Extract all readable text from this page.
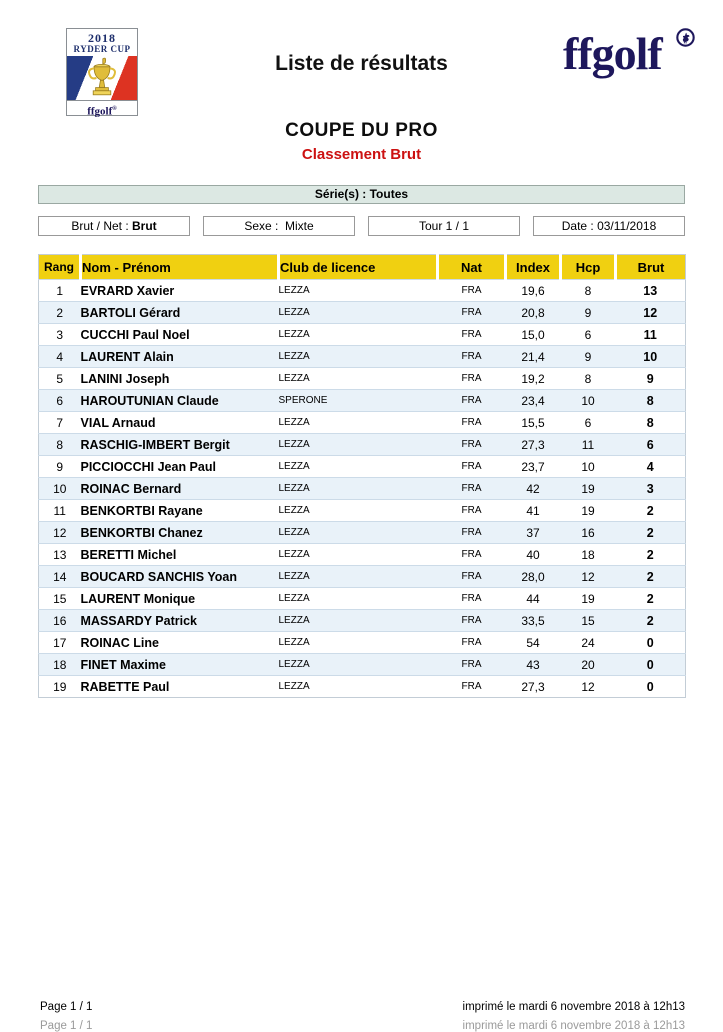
2018
RYDER CUP
ffgolf®
Liste de résultats	ffgolf
COUPE DU PRO
Classement Brut
Série(s) : Toutes
Brut / Net : Brut	Sexe :  Mixte	Tour 1 / 1	Date : 03/11/2018
Rang	Nom - Prénom	Club de licence	Nat	Index	Hcp	Brut
1	EVRARD Xavier	LEZZA	FRA	19,6	8	13
2	BARTOLI Gérard	LEZZA	FRA	20,8	9	12
3	CUCCHI Paul Noel	LEZZA	FRA	15,0	6	11
4	LAURENT Alain	LEZZA	FRA	21,4	9	10
5	LANINI Joseph	LEZZA	FRA	19,2	8	9
6	HAROUTUNIAN Claude	SPERONE	FRA	23,4	10	8
7	VIAL Arnaud	LEZZA	FRA	15,5	6	8
8	RASCHIG-IMBERT Bergit	LEZZA	FRA	27,3	11	6
9	PICCIOCCHI Jean Paul	LEZZA	FRA	23,7	10	4
10	ROINAC Bernard	LEZZA	FRA	42	19	3
11	BENKORTBI Rayane	LEZZA	FRA	41	19	2
12	BENKORTBI Chanez	LEZZA	FRA	37	16	2
13	BERETTI Michel	LEZZA	FRA	40	18	2
14	BOUCARD SANCHIS Yoan	LEZZA	FRA	28,0	12	2
15	LAURENT Monique	LEZZA	FRA	44	19	2
16	MASSARDY Patrick	LEZZA	FRA	33,5	15	2
17	ROINAC Line	LEZZA	FRA	54	24	0
18	FINET Maxime	LEZZA	FRA	43	20	0
19	RABETTE Paul	LEZZA	FRA	27,3	12	0
Page 1 / 1	imprimé le mardi 6 novembre 2018 à 12h13
Page 1 / 1	imprimé le mardi 6 novembre 2018 à 12h13
